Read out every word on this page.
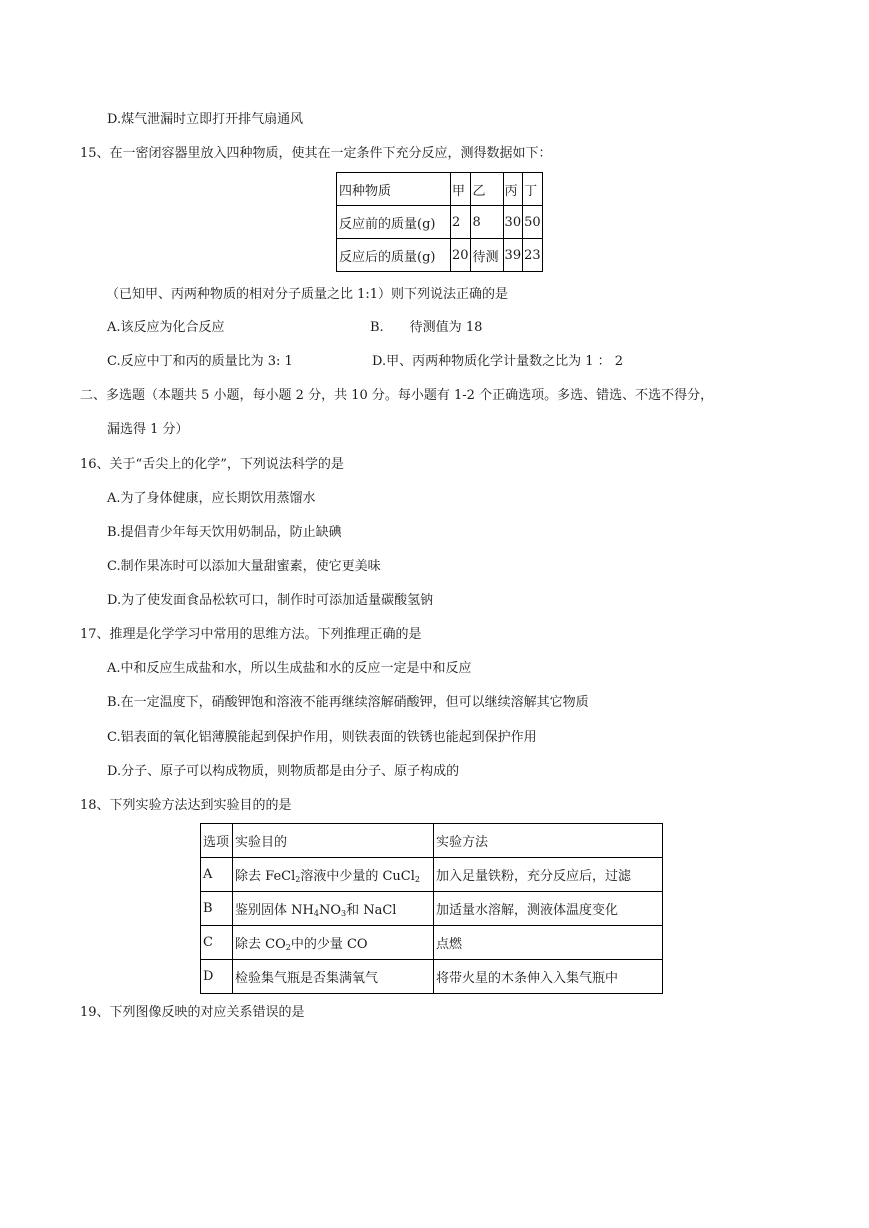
D.煤气泄漏时立即打开排气扇通风
15、在一密闭容器里放入四种物质，使其在一定条件下充分反应，测得数据如下：
四种物质	甲	乙	丙	丁
反应前的质量(g)	2	8	30	50
反应后的质量(g)	20	待测	39	23
（已知甲、丙两种物质的相对分子质量之比 1:1）则下列说法正确的是
A.该反应为化合反应	B.　　待测值为 18
C.反应中丁和丙的质量比为 3: 1	D.甲、丙两种物质化学计量数之比为 1 ： 2
二、多选题（本题共 5 小题，每小题 2 分，共 10 分。每小题有 1-2 个正确选项。多选、错选、不选不得分，
漏选得 1 分）
16、关于“舌尖上的化学”，下列说法科学的是
A.为了身体健康，应长期饮用蒸馏水
B.提倡青少年每天饮用奶制品，防止缺碘
C.制作果冻时可以添加大量甜蜜素，使它更美味
D.为了使发面食品松软可口，制作时可添加适量碳酸氢钠
17、推理是化学学习中常用的思维方法。下列推理正确的是
A.中和反应生成盐和水，所以生成盐和水的反应一定是中和反应
B.在一定温度下，硝酸钾饱和溶液不能再继续溶解硝酸钾，但可以继续溶解其它物质
C.铝表面的氧化铝薄膜能起到保护作用，则铁表面的铁锈也能起到保护作用
D.分子、原子可以构成物质，则物质都是由分子、原子构成的
18、下列实验方法达到实验目的的是
选项	实验目的	实验方法
A	除去 FeCl$_2$溶液中少量的 CuCl$_2$	加入足量铁粉，充分反应后，过滤
B	鉴别固体 $NH_4NO_3$和 NaCl	加适量水溶解，测液体温度变化
C	除去 $CO_2$中的少量 CO	点燃
D	检验集气瓶是否集满氧气	将带火星的木条伸入入集气瓶中
19、下列图像反映的对应关系错误的是
